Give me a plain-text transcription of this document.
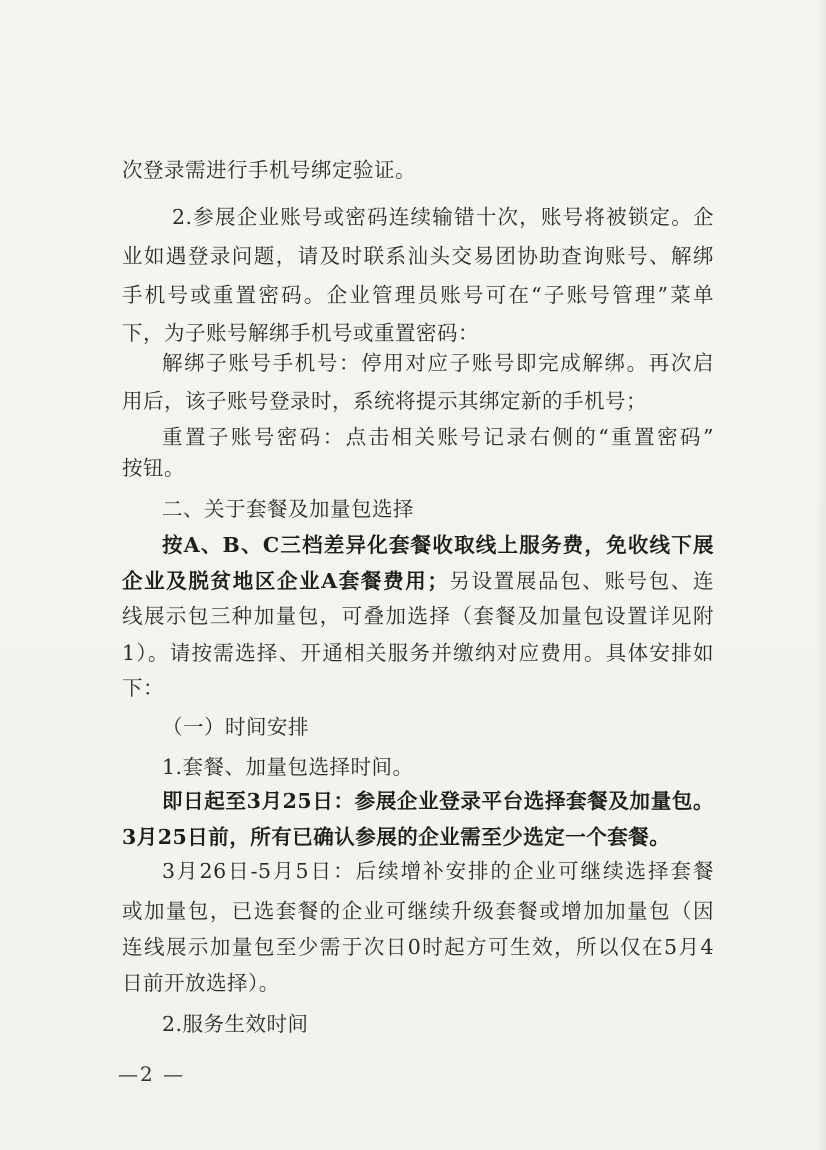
次登录需进行手机号绑定验证。
2.参展企业账号或密码连续输错十次，账号将被锁定。企
业如遇登录问题，请及时联系汕头交易团协助查询账号、解绑
手机号或重置密码。企业管理员账号可在“子账号管理”菜单
下，为子账号解绑手机号或重置密码：
解绑子账号手机号：停用对应子账号即完成解绑。再次启
用后，该子账号登录时，系统将提示其绑定新的手机号；
重置子账号密码：点击相关账号记录右侧的“重置密码”
按钮。
二、关于套餐及加量包选择
按A、B、C三档差异化套餐收取线上服务费，免收线下展
企业及脱贫地区企业A套餐费用；另设置展品包、账号包、连
线展示包三种加量包，可叠加选择（套餐及加量包设置详见附
1）。请按需选择、开通相关服务并缴纳对应费用。具体安排如
下：
（一）时间安排
1.套餐、加量包选择时间。
即日起至3月25日：参展企业登录平台选择套餐及加量包。
3月25日前，所有已确认参展的企业需至少选定一个套餐。
3月26日-5月5日：后续增补安排的企业可继续选择套餐
或加量包，已选套餐的企业可继续升级套餐或增加加量包（因
连线展示加量包至少需于次日0时起方可生效，所以仅在5月4
日前开放选择）。
2.服务生效时间
—2 —
